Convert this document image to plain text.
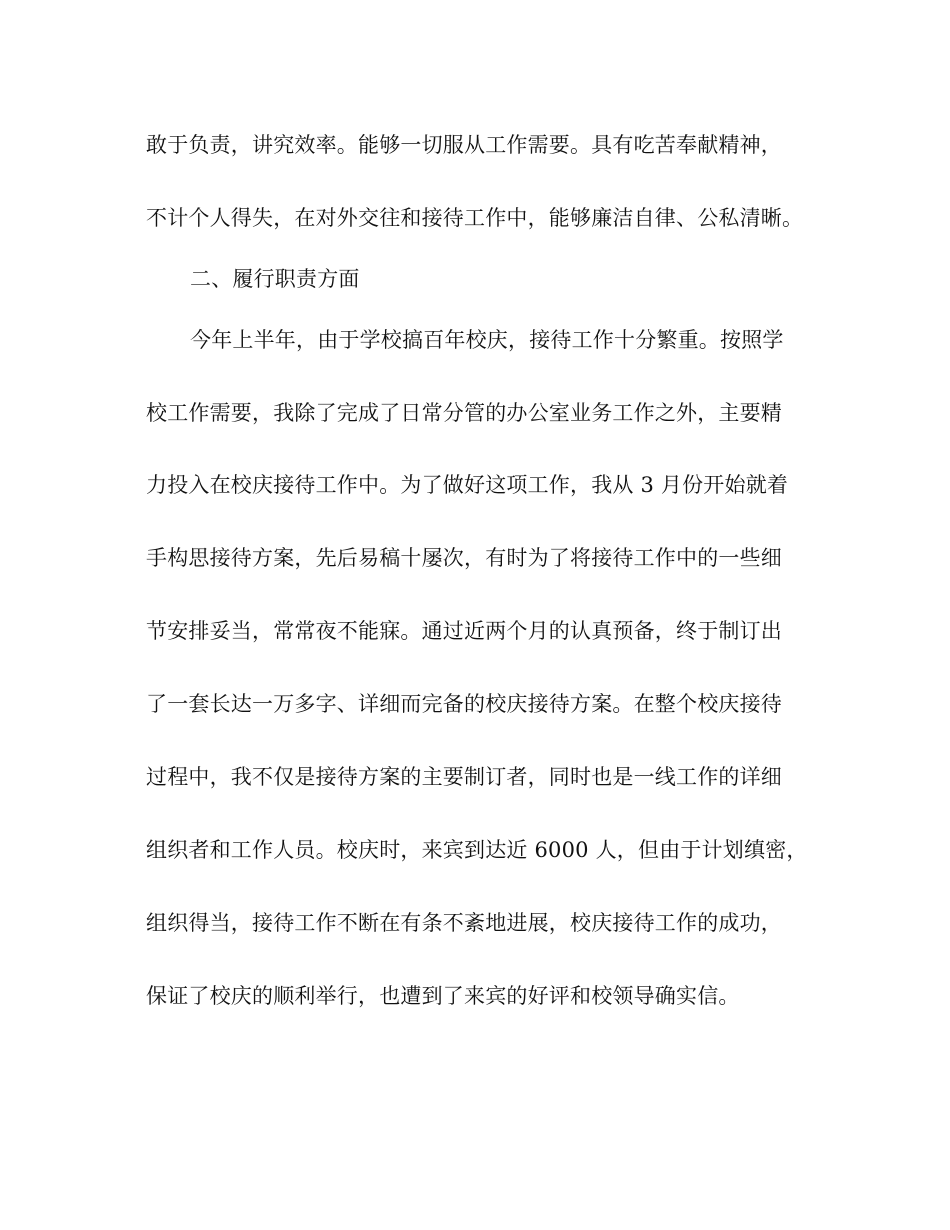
敢于负责，讲究效率。能够一切服从工作需要。具有吃苦奉献精神，
不计个人得失，在对外交往和接待工作中，能够廉洁自律、公私清晰。
二、履行职责方面
今年上半年，由于学校搞百年校庆，接待工作十分繁重。按照学
校工作需要，我除了完成了日常分管的办公室业务工作之外，主要精
力投入在校庆接待工作中。为了做好这项工作，我从 3 月份开始就着
手构思接待方案，先后易稿十屡次，有时为了将接待工作中的一些细
节安排妥当，常常夜不能寐。通过近两个月的认真预备，终于制订出
了一套长达一万多字、详细而完备的校庆接待方案。在整个校庆接待
过程中，我不仅是接待方案的主要制订者，同时也是一线工作的详细
组织者和工作人员。校庆时，来宾到达近 6000 人，但由于计划缜密，
组织得当，接待工作不断在有条不紊地进展，校庆接待工作的成功，
保证了校庆的顺利举行，也遭到了来宾的好评和校领导确实信。
